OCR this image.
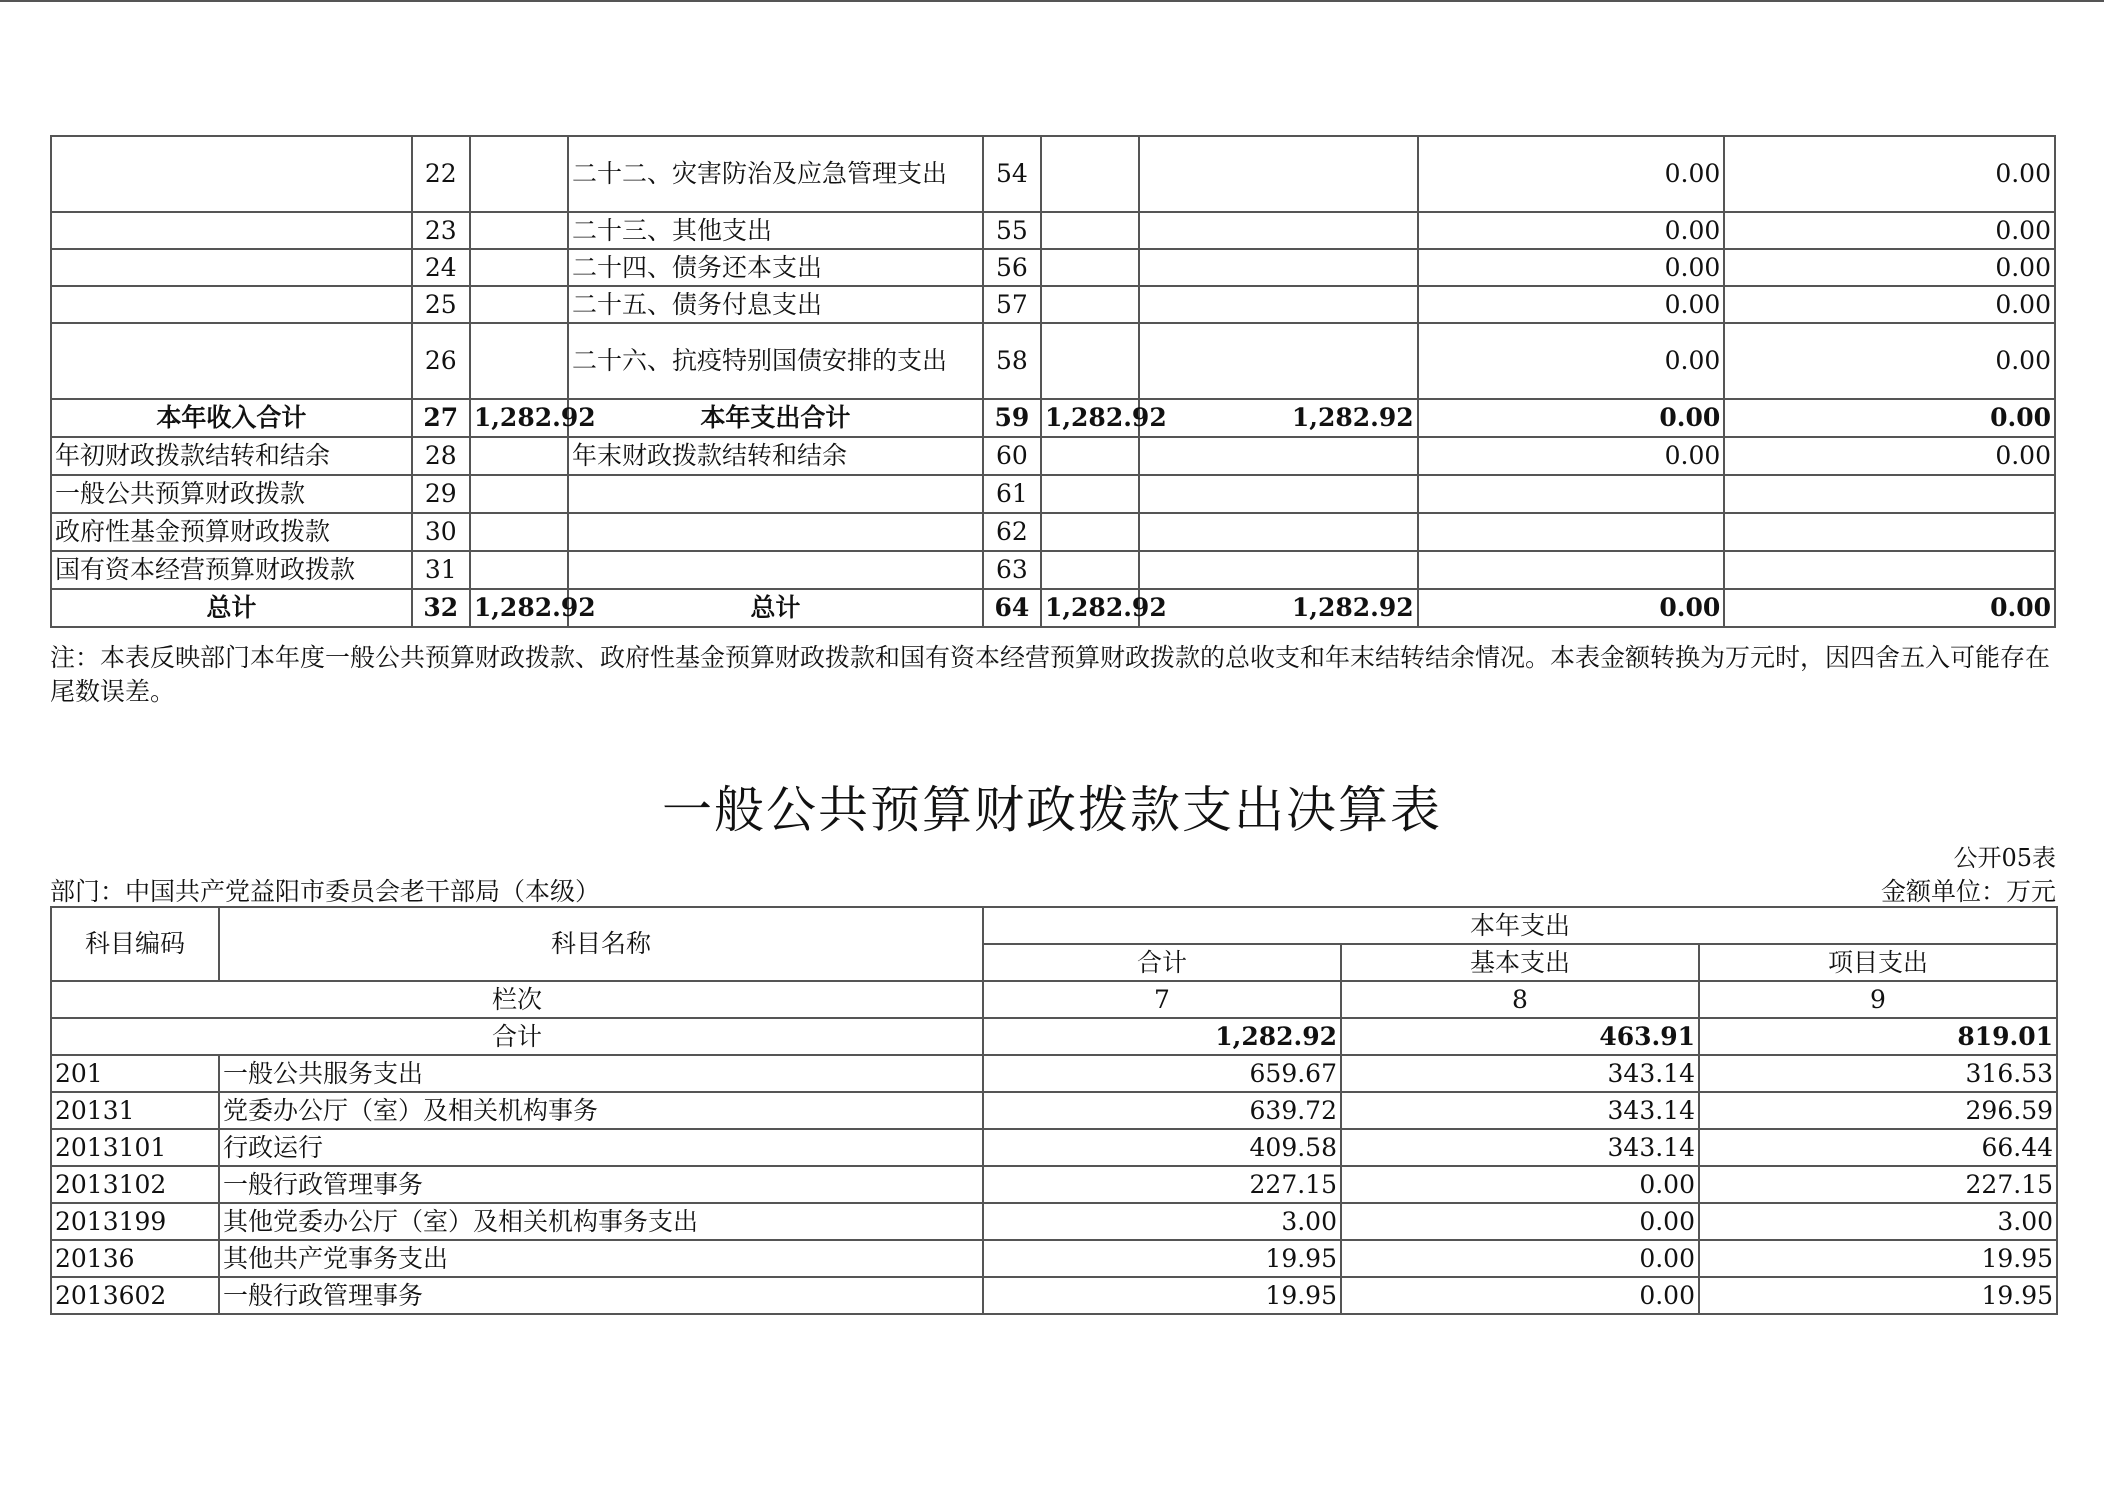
	22		二十二、灾害防治及应急管理支出	54			0.00	0.00
	23		二十三、其他支出	55			0.00	0.00
	24		二十四、债务还本支出	56			0.00	0.00
	25		二十五、债务付息支出	57			0.00	0.00
	26		二十六、抗疫特别国债安排的支出	58			0.00	0.00
本年收入合计	27	1,282.92	本年支出合计	59	1,282.92	1,282.92	0.00	0.00
年初财政拨款结转和结余	28		年末财政拨款结转和结余	60			0.00	0.00
一般公共预算财政拨款	29			61				
政府性基金预算财政拨款	30			62				
国有资本经营预算财政拨款	31			63				
总计	32	1,282.92	总计	64	1,282.92	1,282.92	0.00	0.00
注：本表反映部门本年度一般公共预算财政拨款、政府性基金预算财政拨款和国有资本经营预算财政拨款的总收支和年末结转结余情况。本表金额转换为万元时，因四舍五入可能存在尾数误差。
一般公共预算财政拨款支出决算表
公开05表
部门：中国共产党益阳市委员会老干部局（本级）	金额单位：万元
科目编码	科目名称	本年支出		
		合计	基本支出	项目支出
栏次		7	8	9
合计		1,282.92	463.91	819.01
201	一般公共服务支出	659.67	343.14	316.53
20131	党委办公厅（室）及相关机构事务	639.72	343.14	296.59
2013101	行政运行	409.58	343.14	66.44
2013102	一般行政管理事务	227.15	0.00	227.15
2013199	其他党委办公厅（室）及相关机构事务支出	3.00	0.00	3.00
20136	其他共产党事务支出	19.95	0.00	19.95
2013602	一般行政管理事务	19.95	0.00	19.95
